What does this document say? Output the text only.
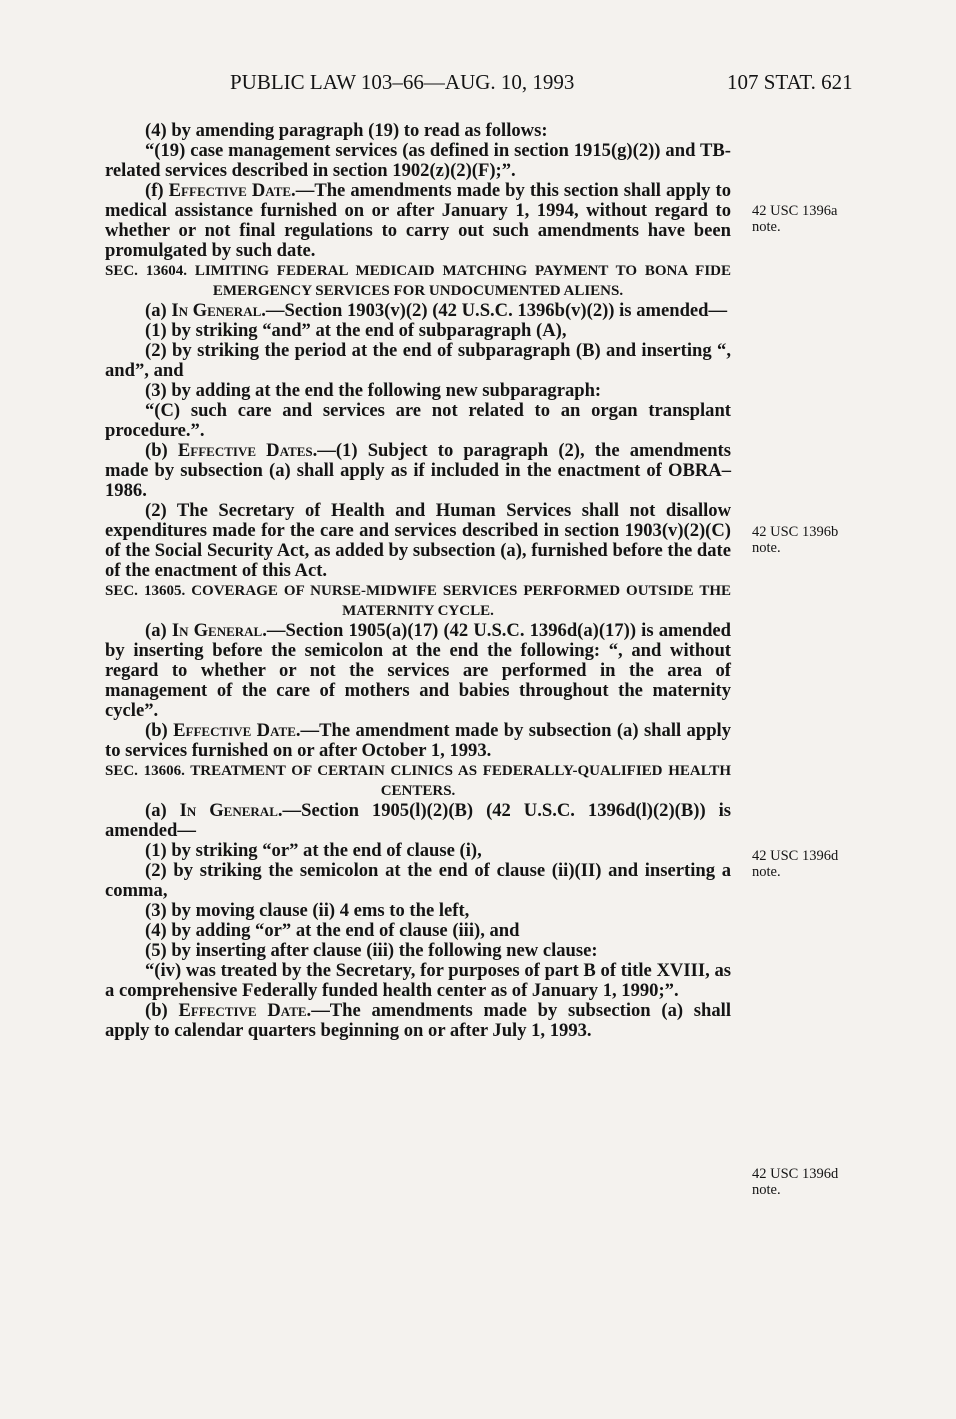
PUBLIC LAW 103–66—AUG. 10, 1993	107 STAT. 621

(4) by amending paragraph (19) to read as follows:

“(19) case management services (as defined in section 1915(g)(2)) and TB-related services described in section 1902(z)(2)(F);”.

(f) Effective Date.—The amendments made by this section shall apply to medical assistance furnished on or after January 1, 1994, without regard to whether or not final regulations to carry out such amendments have been promulgated by such date.

SEC. 13604. LIMITING FEDERAL MEDICAID MATCHING PAYMENT TO BONA FIDE EMERGENCY SERVICES FOR UNDOCUMENTED ALIENS.

(a) In General.—Section 1903(v)(2) (42 U.S.C. 1396b(v)(2)) is amended—

(1) by striking “and” at the end of subparagraph (A),

(2) by striking the period at the end of subparagraph (B) and inserting “, and”, and

(3) by adding at the end the following new subparagraph:

“(C) such care and services are not related to an organ transplant procedure.”.

(b) Effective Dates.—(1) Subject to paragraph (2), the amendments made by subsection (a) shall apply as if included in the enactment of OBRA–1986.

(2) The Secretary of Health and Human Services shall not disallow expenditures made for the care and services described in section 1903(v)(2)(C) of the Social Security Act, as added by subsection (a), furnished before the date of the enactment of this Act.

SEC. 13605. COVERAGE OF NURSE-MIDWIFE SERVICES PERFORMED OUTSIDE THE MATERNITY CYCLE.

(a) In General.—Section 1905(a)(17) (42 U.S.C. 1396d(a)(17)) is amended by inserting before the semicolon at the end the following: “, and without regard to whether or not the services are performed in the area of management of the care of mothers and babies throughout the maternity cycle”.

(b) Effective Date.—The amendment made by subsection (a) shall apply to services furnished on or after October 1, 1993.

SEC. 13606. TREATMENT OF CERTAIN CLINICS AS FEDERALLY-QUALIFIED HEALTH CENTERS.

(a) In General.—Section 1905(l)(2)(B) (42 U.S.C. 1396d(l)(2)(B)) is amended—

(1) by striking “or” at the end of clause (i),

(2) by striking the semicolon at the end of clause (ii)(II) and inserting a comma,

(3) by moving clause (ii) 4 ems to the left,

(4) by adding “or” at the end of clause (iii), and

(5) by inserting after clause (iii) the following new clause:

“(iv) was treated by the Secretary, for purposes of part B of title XVIII, as a comprehensive Federally funded health center as of January 1, 1990;”.

(b) Effective Date.—The amendments made by subsection (a) shall apply to calendar quarters beginning on or after July 1, 1993.

42 USC 1396a
note.
42 USC 1396b
note.
42 USC 1396d
note.
42 USC 1396d
note.
